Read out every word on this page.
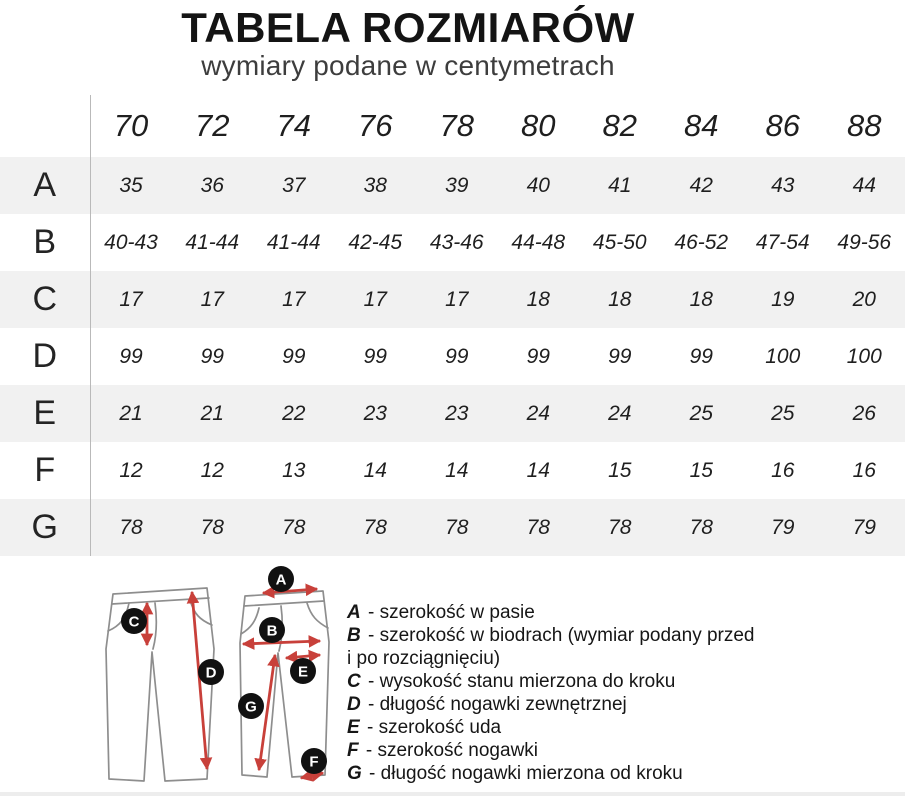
TABELA ROZMIARÓW
wymiary podane w centymetrach
	70	72	74	76	78	80	82	84	86	88
A	35	36	37	38	39	40	41	42	43	44
B	40-43	41-44	41-44	42-45	43-46	44-48	45-50	46-52	47-54	49-56
C	17	17	17	17	17	18	18	18	19	20
D	99	99	99	99	99	99	99	99	100	100
E	21	21	22	23	23	24	24	25	25	26
F	12	12	13	14	14	14	15	15	16	16
G	78	78	78	78	78	78	78	78	79	79
A
B
C
D	E
F
G
A - szerokość w pasie
B - szerokość w biodrach (wymiar podany przed i po rozciągnięciu)
C - wysokość stanu mierzona do kroku
D - długość nogawki zewnętrznej
E - szerokość uda
F - szerokość nogawki
G - długość nogawki mierzona od kroku
